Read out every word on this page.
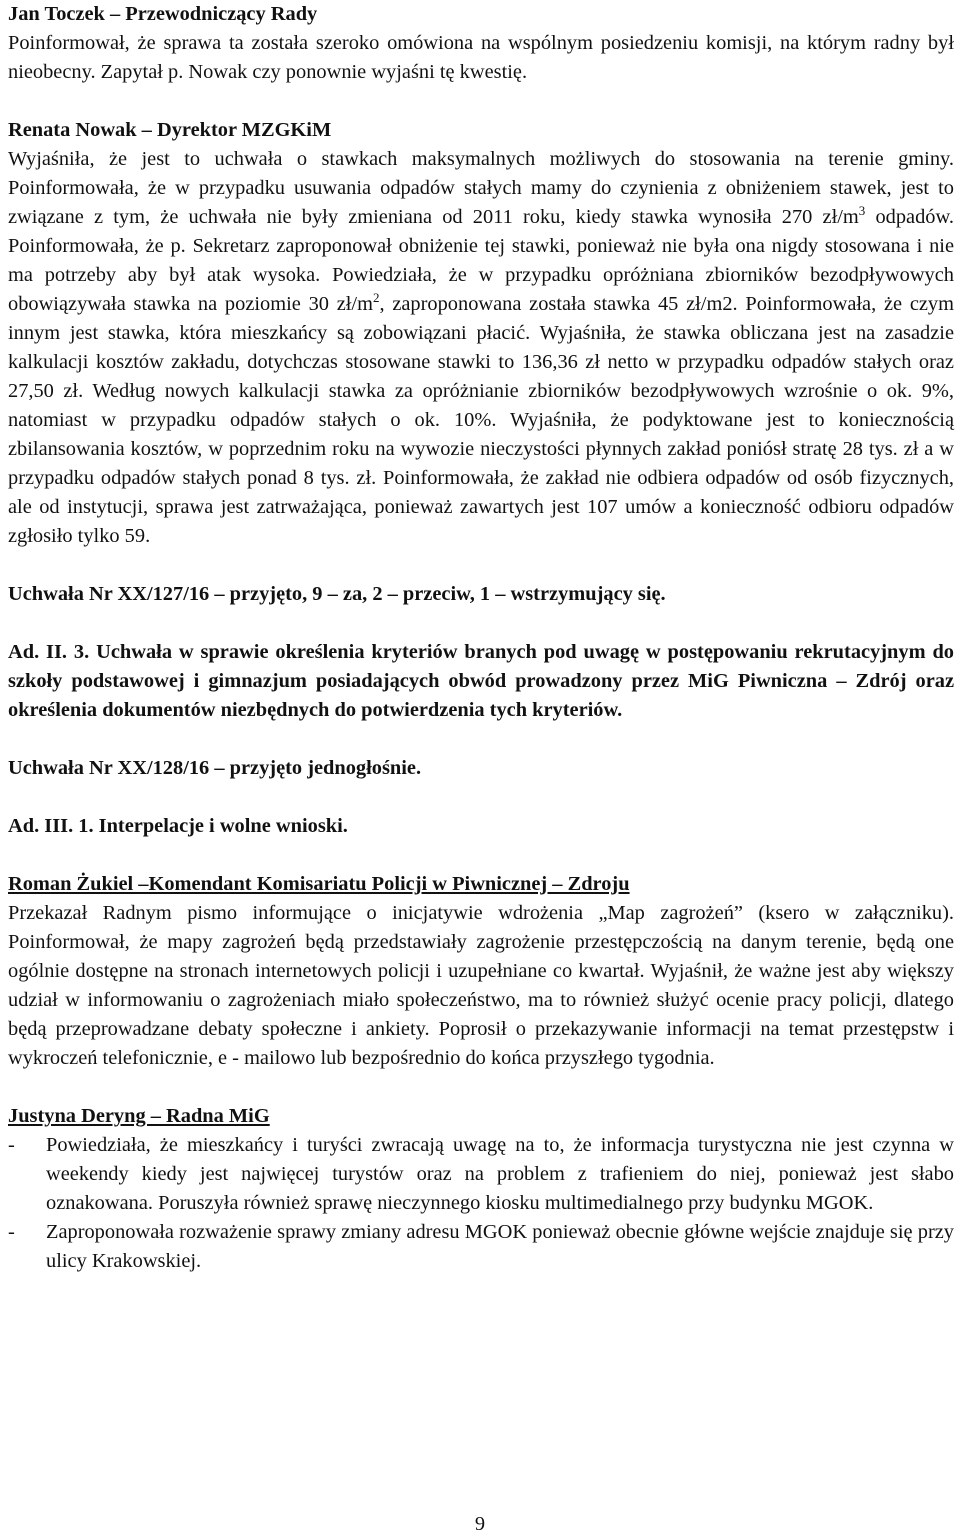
Jan Toczek – Przewodniczący Rady

Poinformował, że sprawa ta została szeroko omówiona na wspólnym posiedzeniu komisji, na którym radny był nieobecny. Zapytał p. Nowak czy ponownie wyjaśni tę kwestię.

Renata Nowak – Dyrektor MZGKiM

Wyjaśniła, że jest to uchwała o stawkach maksymalnych możliwych do stosowania na terenie gminy. Poinformowała, że w przypadku usuwania odpadów stałych mamy do czynienia z obniżeniem stawek, jest to związane z tym, że uchwała nie były zmieniana od 2011 roku, kiedy stawka wynosiła 270 $zł/m^3$ odpadów. Poinformowała, że p. Sekretarz zaproponował obniżenie tej stawki, ponieważ nie była ona nigdy stosowana i nie ma potrzeby aby był atak wysoka. Powiedziała, że w przypadku opróżniana zbiorników bezodpływowych obowiązywała stawka na poziomie 30 $zł/m^2$, zaproponowana została stawka 45 zł/m2. Poinformowała, że czym innym jest stawka, która mieszkańcy są zobowiązani płacić. Wyjaśniła, że stawka obliczana jest na zasadzie kalkulacji kosztów zakładu, dotychczas stosowane stawki to 136,36 zł netto w przypadku odpadów stałych oraz 27,50 zł. Według nowych kalkulacji stawka za opróżnianie zbiorników bezodpływowych wzrośnie o ok. 9%, natomiast w przypadku odpadów stałych o ok. 10%. Wyjaśniła, że podyktowane jest to koniecznością zbilansowania kosztów, w poprzednim roku na wywozie nieczystości płynnych zakład poniósł stratę 28 tys. zł a w przypadku odpadów stałych ponad 8 tys. zł. Poinformowała, że zakład nie odbiera odpadów od osób fizycznych, ale od instytucji, sprawa jest zatrważająca, ponieważ zawartych jest 107 umów a konieczność odbioru odpadów zgłosiło tylko 59.

Uchwała Nr XX/127/16 – przyjęto, 9 – za, 2 – przeciw, 1 – wstrzymujący się.

Ad. II. 3. Uchwała w sprawie określenia kryteriów branych pod uwagę w postępowaniu rekrutacyjnym do szkoły podstawowej i gimnazjum posiadających obwód prowadzony przez MiG Piwniczna – Zdrój oraz określenia dokumentów niezbędnych do potwierdzenia tych kryteriów.

Uchwała Nr XX/128/16 – przyjęto jednogłośnie.

Ad. III. 1. Interpelacje i wolne wnioski.

Roman Żukiel –Komendant Komisariatu Policji w Piwnicznej – Zdroju

Przekazał Radnym pismo informujące o inicjatywie wdrożenia „Map zagrożeń” (ksero w załączniku). Poinformował, że mapy zagrożeń będą przedstawiały zagrożenie przestępczością na danym terenie, będą one ogólnie dostępne na stronach internetowych policji i uzupełniane co kwartał. Wyjaśnił, że ważne jest aby większy udział w informowaniu o zagrożeniach miało społeczeństwo, ma to również służyć ocenie pracy policji, dlatego będą przeprowadzane debaty społeczne i ankiety. Poprosił o przekazywanie informacji na temat przestępstw i wykroczeń telefonicznie, e - mailowo lub bezpośrednio do końca przyszłego tygodnia.

Justyna Deryng – Radna MiG

- Powiedziała, że mieszkańcy i turyści zwracają uwagę na to, że informacja turystyczna nie jest czynna w weekendy kiedy jest najwięcej turystów oraz na problem z trafieniem do niej, ponieważ jest słabo oznakowana. Poruszyła również sprawę nieczynnego kiosku multimedialnego przy budynku MGOK.
- Zaproponowała rozważenie sprawy zmiany adresu MGOK ponieważ obecnie główne wejście znajduje się przy ulicy Krakowskiej.
9
